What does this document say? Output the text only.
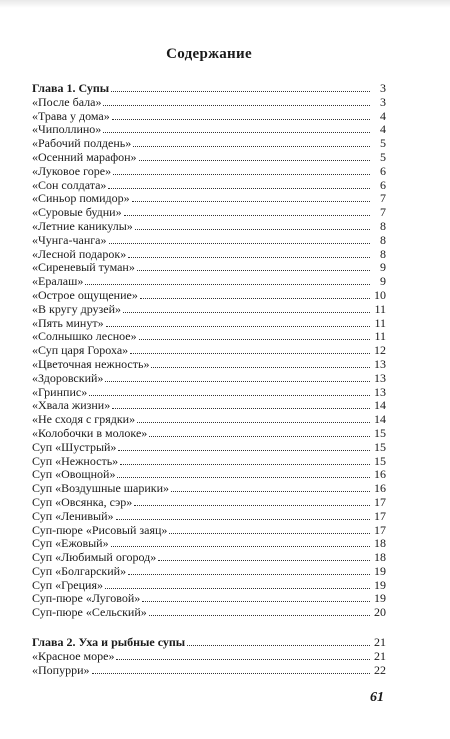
Содержание
Глава 1. Супы	3
«После бала»	3
«Трава у дома»	4
«Чиполлино»	4
«Рабочий полдень»	5
«Осенний марафон»	5
«Луковое горе»	6
«Сон солдата»	6
«Синьор помидор»	7
«Суровые будни»	7
«Летние каникулы»	8
«Чунга-чанга»	8
«Лесной подарок»	8
«Сиреневый туман»	9
«Ералаш»	9
«Острое ощущение»	10
«В кругу друзей»	11
«Пять минут»	11
«Солнышко лесное»	11
«Суп царя Гороха»	12
«Цветочная нежность»	13
«Здоровский»	13
«Гринпис»	13
«Хвала жизни»	14
«Не сходя с грядки»	14
«Колобочки в молоке»	15
Суп «Шустрый»	15
Суп «Нежность»	15
Суп «Овощной»	16
Суп «Воздушные шарики»	16
Суп «Овсянка, сэр»	17
Суп «Ленивый»	17
Суп-пюре «Рисовый заяц»	17
Суп «Ежовый»	18
Суп «Любимый огород»	18
Суп «Болгарский»	19
Суп «Греция»	19
Суп-пюре «Луговой»	19
Суп-пюре «Сельский»	20
Глава 2. Уха и рыбные супы	21
«Красное море»	21
«Попурри»	22
61
